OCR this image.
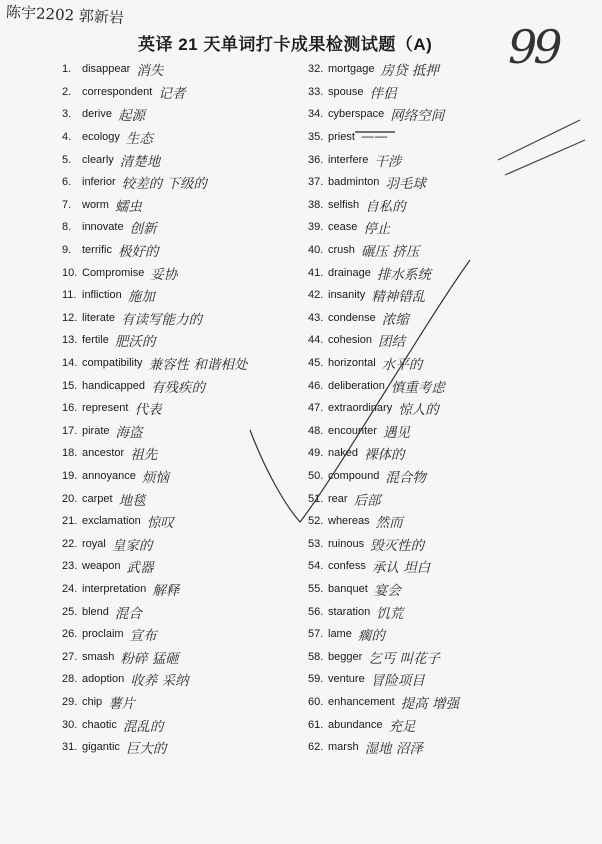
陈宇2202 郭新岩
英译 21 天单词打卡成果检测试题（A) 99
1. disappear 消失
2. correspondent 记者
3. derive 起源
4. ecology 生态
5. clearly 清楚地
6. inferior 较差的 下级的
7. worm 蠕虫
8. innovate 创新
9. terrific 极好的
10. Compromise 妥协
11. infliction 施加
12. literate 有读写能力的
13. fertile 肥沃的
14. compatibility 兼容性 和谐相处
15. handicapped 有残疾的
16. represent 代表
17. pirate 海盗
18. ancestor 祖先
19. annoyance 烦恼
20. carpet 地毯
21. exclamation 惊叹
22. royal 皇家的
23. weapon 武器
24. interpretation 解释
25. blend 混合
26. proclaim 宣布
27. smash 粉碎 猛砸
28. adoption 收养 采纳
29. chip 薯片
30. chaotic 混乱的
31. gigantic 巨大的
32. mortgage 房贷 抵押
33. spouse 伴侣
34. cyberspace 网络空间
35. priest ——
36. interfere 干涉
37. badminton 羽毛球
38. selfish 自私的
39. cease 停止
40. crush 碾压 挤压
41. drainage 排水系统
42. insanity 精神错乱
43. condense 浓缩
44. cohesion 团结
45. horizontal 水平的
46. deliberation 慎重考虑
47. extraordinary 惊人的
48. encounter 遇见
49. naked 裸体的
50. compound 混合物
51. rear 后部
52. whereas 然而
53. ruinous 毁灭性的
54. confess 承认 坦白
55. banquet 宴会
56. staration 饥荒
57. lame 瘸的
58. begger 乞丐 叫花子
59. venture 冒险项目
60. enhancement 提高 增强
61. abundance 充足
62. marsh 湿地 沼泽
